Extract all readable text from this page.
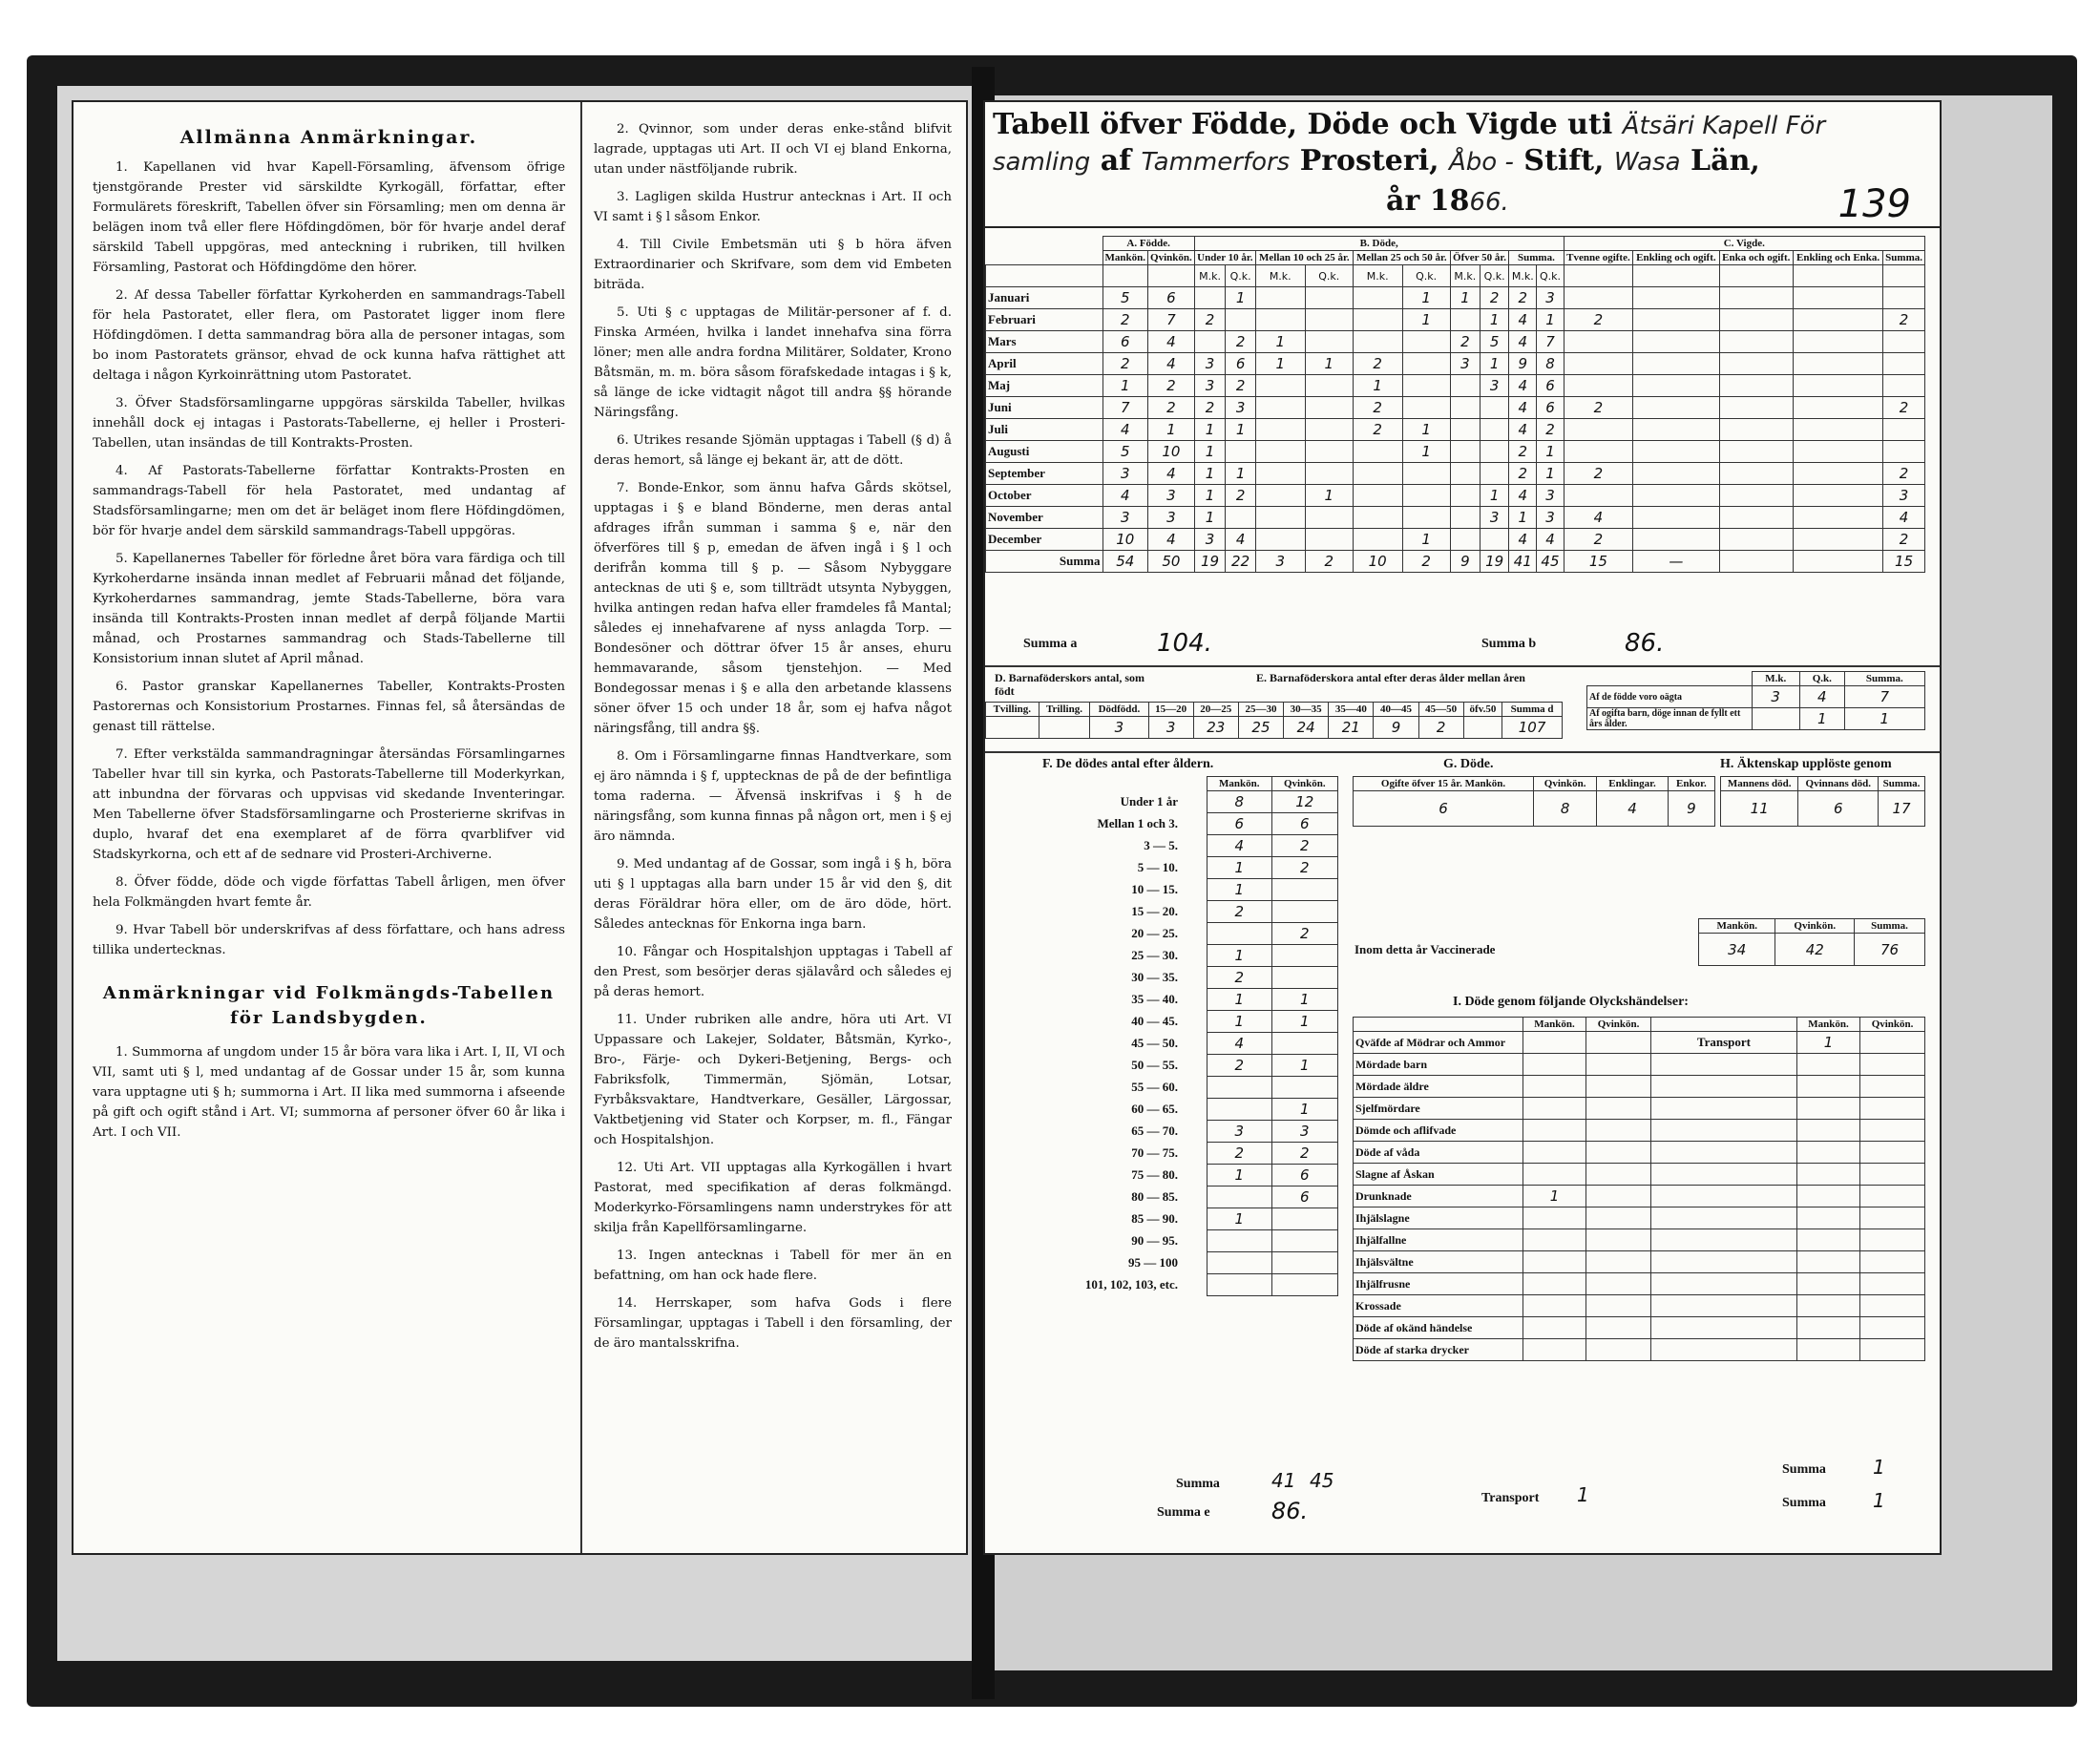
Allmänna Anmärkningar.

1. Kapellanen vid hvar Kapell-Församling, äfvensom öfrige tjenstgörande Prester vid särskildte Kyrkogäll, författar, efter Formulärets föreskrift, Tabellen öfver sin Församling; men om denna är belägen inom två eller flere Höfdingdömen, bör för hvarje andel deraf särskild Tabell uppgöras, med anteckning i rubriken, till hvilken Församling, Pastorat och Höfdingdöme den hörer.

2. Af dessa Tabeller författar Kyrkoherden en sammandrags-Tabell för hela Pastoratet, eller flera, om Pastoratet ligger inom flere Höfdingdömen. I detta sammandrag böra alla de personer intagas, som bo inom Pastoratets gränsor, ehvad de ock kunna hafva rättighet att deltaga i någon Kyrkoinrättning utom Pastoratet.

3. Öfver Stadsförsamlingarne uppgöras särskilda Tabeller, hvilkas innehåll dock ej intagas i Pastorats-Tabellerne, ej heller i Prosteri-Tabellen, utan insändas de till Kontrakts-Prosten.

4. Af Pastorats-Tabellerne författar Kontrakts-Prosten en sammandrags-Tabell för hela Pastoratet, med undantag af Stadsförsamlingarne; men om det är beläget inom flere Höfdingdömen, bör för hvarje andel dem särskild sammandrags-Tabell uppgöras.

5. Kapellanernes Tabeller för förledne året böra vara färdiga och till Kyrkoherdarne insända innan medlet af Februarii månad det följande, Kyrkoherdarnes sammandrag, jemte Stads-Tabellerne, böra varа insända till Kontrakts-Prosten innan medlet af derpå följande Martii månad, och Prostarnes sammandrag och Stads-Tabellerne till Konsistorium innan slutet af April månad.

6. Pastor granskar Kapellanernes Tabeller, Kontrakts-Prosten Pastorernas och Konsistorium Prostarnes. Finnas fel, så återsändas de genast till rättelse.

7. Efter verkstälda sammandragningar återsändas Församlingarnes Tabeller hvar till sin kyrka, och Pastorats-Tabellerne till Moderkyrkan, att inbundna der förvaras och uppvisas vid skedande Inventeringar. Men Tabellerne öfver Stadsförsamlingarne och Prosterierne skrifvas in duplo, hvaraf det ena exemplaret af de förra qvarblifver vid Stadskyrkorna, och ett af de sednare vid Prosteri-Archiverne.

8. Öfver födde, döde och vigde författas Tabell årligen, men öfver hela Folkmängden hvart femte år.

9. Hvar Tabell bör underskrifvas af dess författare, och hans adress tillika undertecknas.

Anmärkningar vid Folkmängds-Tabellen för Landsbygden.

1. Summorna af ungdom under 15 år böra vara lika i Art. I, II, VI och VII, samt uti § l, med undantag af de Gossar under 15 år, som kunna vara upptagne uti § h; summorna i Art. II lika med summorna i afseende på gift och ogift stånd i Art. VI; summorna af personer öfver 60 år lika i Art. I och VII.

2. Qvinnor, som under deras enke-stånd blifvit lagrade, upptagas uti Art. II och VI ej bland Enkorna, utan under nästföljande rubrik.

3. Lagligen skilda Hustrur antecknas i Art. II och VI samt i § l såsom Enkor.

4. Till Civile Embetsmän uti § b höra äfven Extraordinarier och Skrifvare, som dem vid Embeten biträda.

5. Uti § c upptagas de Militär-personer af f. d. Finska Arméen, hvilka i landet innehafva sina förra löner; men alle andra fordna Militärer, Soldater, Krono Båtsmän, m. m. böra såsom förafskedade intagas i § k, så länge de icke vidtagit något till andra §§ hörande Näringsfång.

6. Utrikes resande Sjömän upptagas i Tabell (§ d) å deras hemort, så länge ej bekant är, att de dött.

7. Bonde-Enkor, som ännu hafva Gårds skötsel, upptagas i § e bland Bönderne, men deras antal afdrages ifrån summan i samma § e, när den öfverföres till § p, emedan de äfven ingå i § l och derifrån komma till § p. — Såsom Nybyggare antecknas de uti § e, som tillträdt utsynta Nybyggen, hvilka antingen redan hafva eller framdeles få Mantal; således ej innehafvarene af nyss anlagda Torp. — Bondesöner och döttrar öfver 15 år anses, ehuru hemmavarande, såsom tjenstehjon. — Med Bondegossar menas i § e alla den arbetande klassens söner öfver 15 och under 18 år, som ej hafva något näringsfång, till andra §§.

8. Om i Församlingarne finnas Handtverkare, som ej äro nämnda i § f, upptecknas de på de der befintliga toma raderna. — Äfvensä inskrifvas i § h de näringsfång, som kunna finnas på någon ort, men i § ej äro nämnda.

9. Med undantag af de Gossar, som ingå i § h, böra uti § l upptagas alla barn under 15 år vid den §, dit deras Föräldrar höra eller, om de äro döde, hört. Således antecknas för Enkorna inga barn.

10. Fångar och Hospitalshjon upptagas i Tabell af den Prest, som besörjer deras själavård och således ej på deras hemort.

11. Under rubriken alle andre, höra uti Art. VI Uppassare och Lakejer, Soldater, Båtsmän, Kyrko-, Bro-, Färje- och Dykeri-Betjening, Bergs- och Fabriksfolk, Timmermän, Sjömän, Lotsar, Fyrbåksvaktare, Handtverkare, Gesäller, Lärgossar, Vaktbetjening vid Stater och Korpser, m. fl., Fängar och Hospitalshjon.

12. Uti Art. VII upptagas alla Kyrkogällen i hvart Pastorat, med specifikation af deras folkmängd. Moderkyrko-Församlingens namn understrykes för att skilja från Kapellförsamlingarne.

13. Ingen antecknas i Tabell för mer än en befattning, om han ock hade flere.

14. Herrskaper, som hafva Gods i flere Församlingar, upptagas i Tabell i den församling, der de äro mantalsskrifna.

Tabell öfver Födde, Döde och Vigde uti Ätsäri Kapell För
samling af Tammerfors Prosteri, Åbo - Stift, Wasa Län,
år 1866.	139
	A. Födde.		B. Döde,										C. Vigde.				
	Mankön.	Qvinkön.	Under 10 år.		Mellan 10 och 25 år.		Mellan 25 och 50 år.		Öfver 50 år.		Summa.		Tvenne ogifte.	Enkling och ogift.	Enka och ogift.	Enkling och Enka.	Summa.
			M.k.	Q.k.	M.k.	Q.k.	M.k.	Q.k.	M.k.	Q.k.	M.k.	Q.k.					
Januari	5	6		1				1	1	2	2	3					
Februari	2	7	2					1		1	4	1	2				2
Mars	6	4		2	1				2	5	4	7					
April	2	4	3	6	1	1	2		3	1	9	8					
Maj	1	2	3	2			1			3	4	6					
Juni	7	2	2	3			2				4	6	2				2
Juli	4	1	1	1			2	1			4	2					
Augusti	5	10	1					1			2	1					
September	3	4	1	1							2	1	2				2
October	4	3	1	2		1				1	4	3					3
November	3	3	1							3	1	3	4				4
December	10	4	3	4				1			4	4	2				2
Summa	54	50	19	22	3	2	10	2	9	19	41	45	15	—			15
Summa a	104.	Summa b	86.
D. Barnaföderskors antal, som födt
E. Barnaföderskora antal efter deras ålder mellan åren
Tvilling.	Trilling.	Dödfödd.	15—20	20—25	25—30	30—35	35—40	40—45	45—50	öfv.50	Summa d
		3	3	23	25	24	21	9	2		107
	M.k.	Q.k.	Summa.
Af de födde voro oägta	3	4	7
Af ogifta barn, döge innan de fyllt ett års ålder.		1	1
F. De dödes antal efter åldern.
	Mankön.	Qvinkön.
Under 1 år	8	12
Mellan 1 och 3.	6	6
3 — 5.	4	2
5 — 10.	1	2
10 — 15.	1	
15 — 20.	2	
20 — 25.		2
25 — 30.	1	
30 — 35.	2	
35 — 40.	1	1
40 — 45.	1	1
45 — 50.	4	
50 — 55.	2	1
55 — 60.		
60 — 65.		1
65 — 70.	3	3
70 — 75.	2	2
75 — 80.	1	6
80 — 85.		6
85 — 90.	1	
90 — 95.		
95 — 100		
101, 102, 103, etc.		
G. Döde.
Ogifte öfver 15 år. Mankön.	Qvinkön.	Enklingar.	Enkor.
6	8	4	9
H. Äktenskap upplöste genom
Mannens död.	Qvinnans död.	Summa.
11	6	17
	Mankön.	Qvinkön.	Summa.
Inom detta år Vaccinerade	34	42	76
I. Döde genom följande Olyckshändelser:
	Mankön.	Qvinkön.		Mankön.	Qvinkön.
Qväfde af Mödrar och Ammor			Transport	1	
Mördade barn					
Mördade äldre					
Sjelfmördare					
Dömde och aflifvade					
Döde af våda					
Slagne af Åskan					
Drunknade	1				
Ihjälslagne					
Ihjälfallne					
Ihjälsvältne					
Ihjälfrusne					
Krossade					
Döde af okänd händelse					
Döde af starka drycker					
Summa	41 45
Summa e	86.	Transport 1
Summa 1
Summa 1
